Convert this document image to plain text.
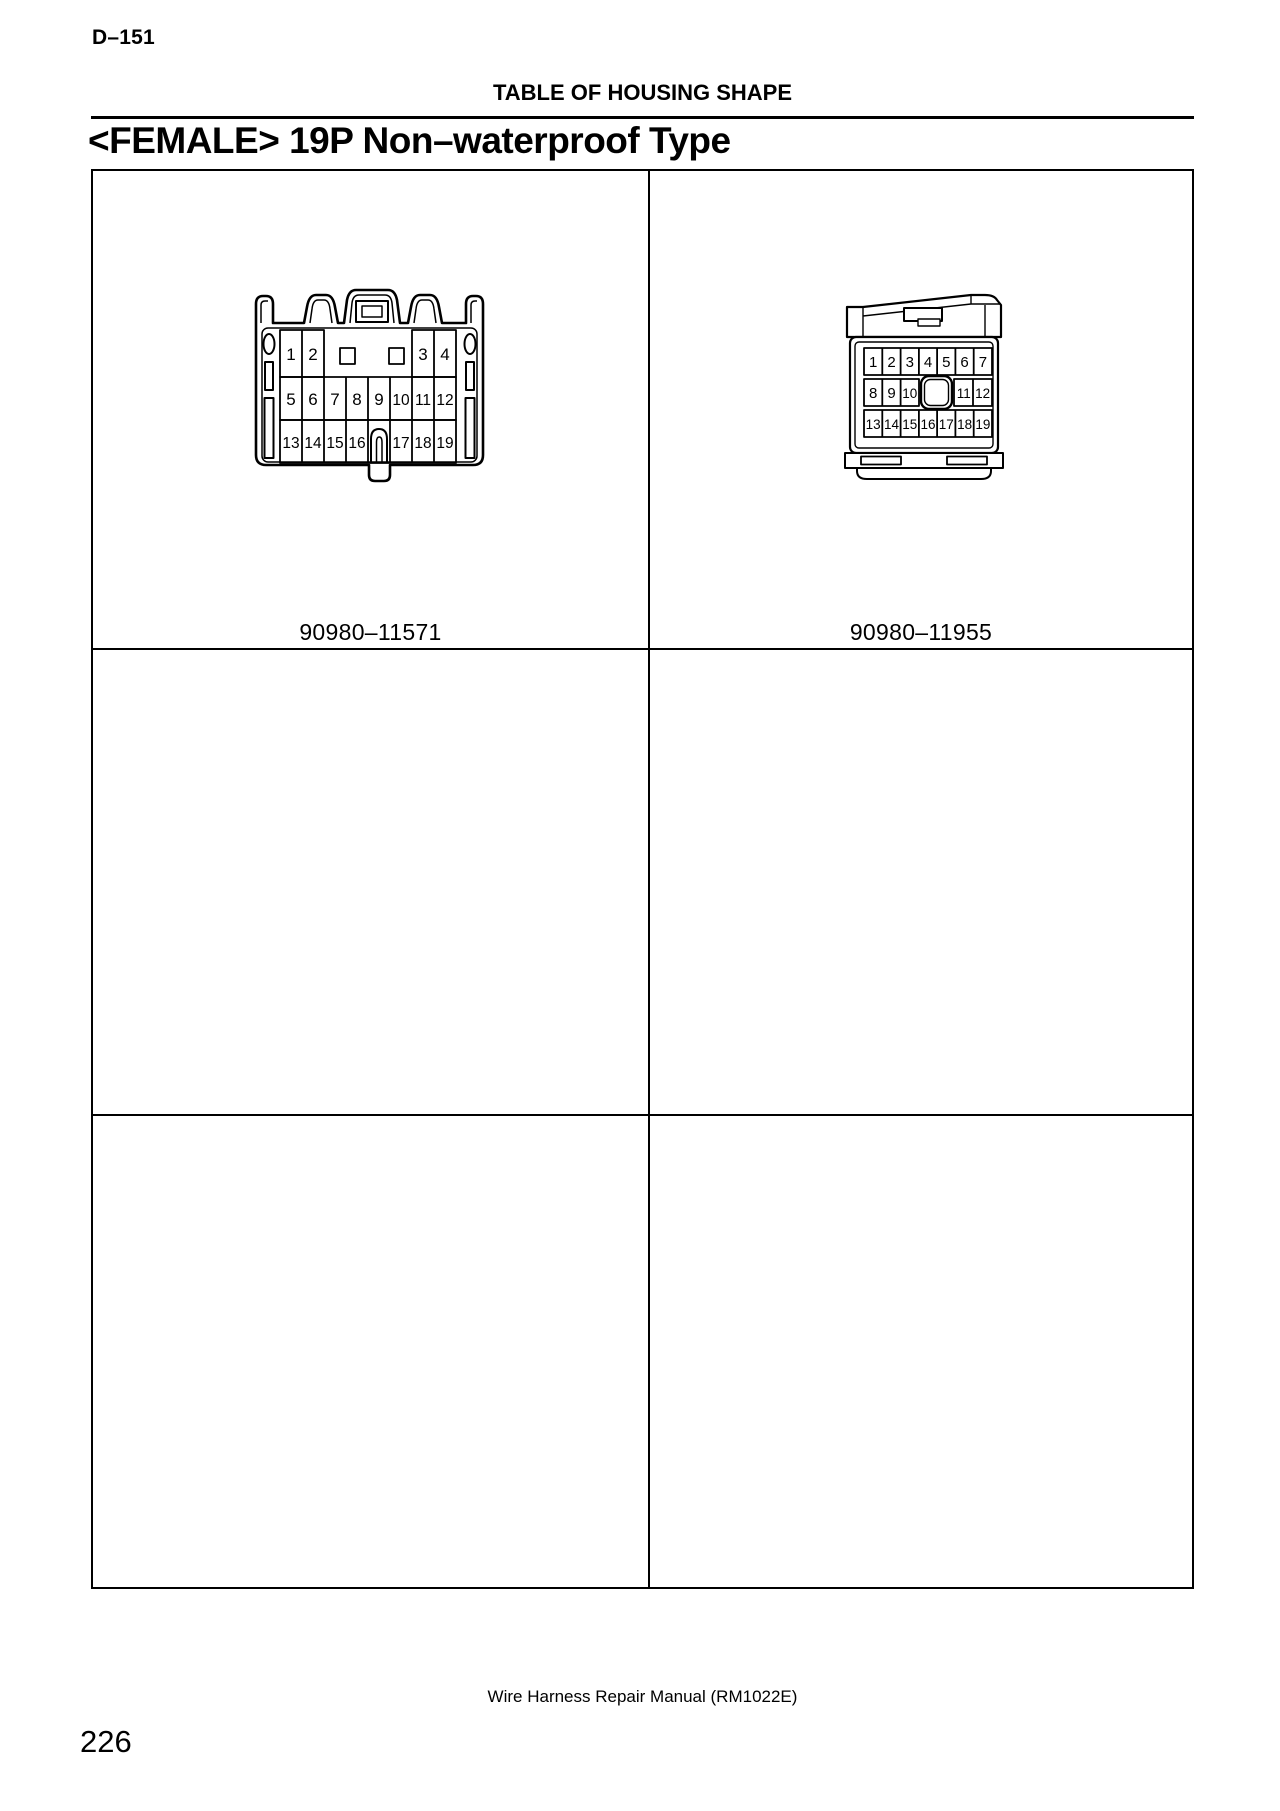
D–151
TABLE OF HOUSING SHAPE
<FEMALE> 19P Non–waterproof Type
1 2	3 4
5 6 7 8 9 10 11 12
13 14 15 16 17 18 19
1 2 3 4 5 6 7
8 9 10	11 12
13 14 15 16 17 18 19
90980–11571	90980–11955
Wire Harness Repair Manual (RM1022E)
226
